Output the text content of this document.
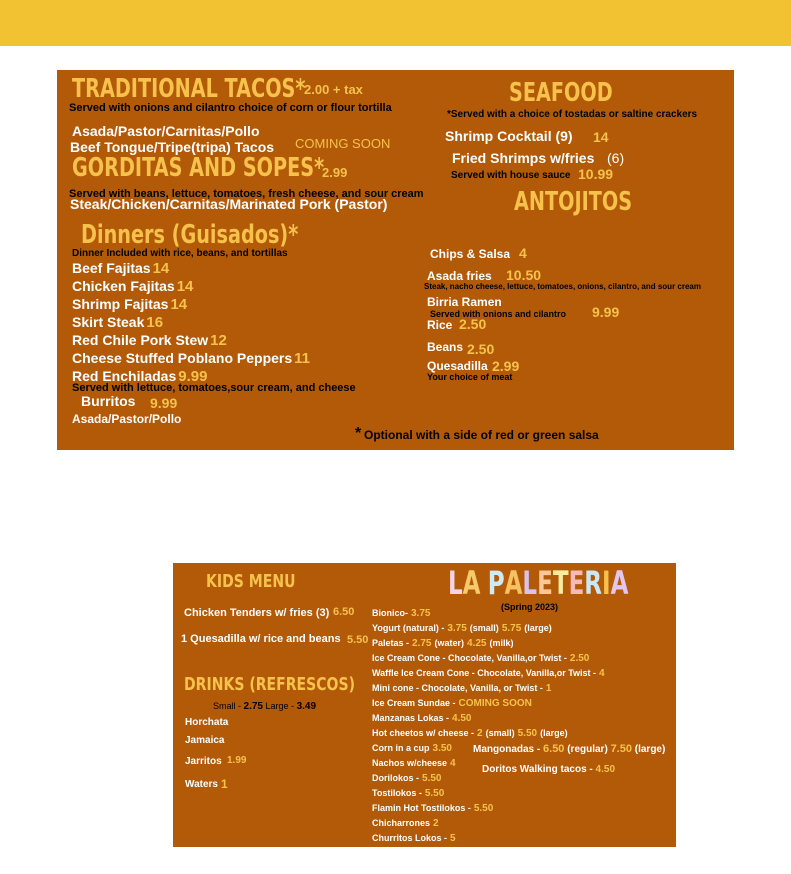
TRADITIONAL TACOS*
2.00 + tax
Served with onions and cilantro choice of corn or flour tortilla
Asada/Pastor/Carnitas/Pollo
Beef Tongue/Tripe(tripa) Tacos COMING SOON
GORDITAS AND SOPES*
2.99
Served with beans, lettuce, tomatoes, fresh cheese, and sour cream
Steak/Chicken/Carnitas/Marinated Pork (Pastor)
Dinners (Guisados)*
Dinner Included with rice, beans, and tortillas
Beef Fajitas 14
Chicken Fajitas 14
Shrimp Fajitas 14
Skirt Steak 16
Red Chile Pork Stew 12
Cheese Stuffed Poblano Peppers 11
Red Enchiladas 9.99
Served with lettuce, tomatoes,sour cream, and cheese
Burritos 9.99
Asada/Pastor/Pollo
SEAFOOD
*Served with a choice of tostadas or saltine crackers
Shrimp Cocktail (9) 14
Fried Shrimps w/fries (6)
Served with house sauce 10.99
ANTOJITOS
Chips & Salsa 4
Asada fries 10.50
Steak, nacho cheese, lettuce, tomatoes, onions, cilantro, and sour cream
Birria Ramen
Served with onions and cilantro 9.99
Rice 2.50
Beans 2.50
Quesadilla 2.99
Your choice of meat
* Optional with a side of red or green salsa
KIDS MENU
Chicken Tenders w/ fries (3) 6.50
1 Quesadilla w/ rice and beans 5.50
DRINKS (REFRESCOS)
Small - 2.75 Large - 3.49
Horchata
Jamaica
Jarritos 1.99
Waters 1
LA PALETERIA
(Spring 2023)
Bionico- 3.75
Yogurt (natural) - 3.75 (small) 5.75 (large)
Paletas - 2.75 (water) 4.25 (milk)
Ice Cream Cone - Chocolate, Vanilla,or Twist - 2.50
Waffle Ice Cream Cone - Chocolate, Vanilla,or Twist - 4
Mini cone - Chocolate, Vanilla, or Twist - 1
Ice Cream Sundae - COMING SOON
Manzanas Lokas - 4.50
Hot cheetos w/ cheese - 2 (small) 5.50 (large)
Corn in a cup 3.50
Nachos w/cheese 4
Dorilokos - 5.50
Tostilokos - 5.50
Flamin Hot Tostilokos - 5.50
Chicharrones 2
Churritos Lokos - 5
Mangonadas - 6.50 (regular) 7.50 (large)
Doritos Walking tacos - 4.50
